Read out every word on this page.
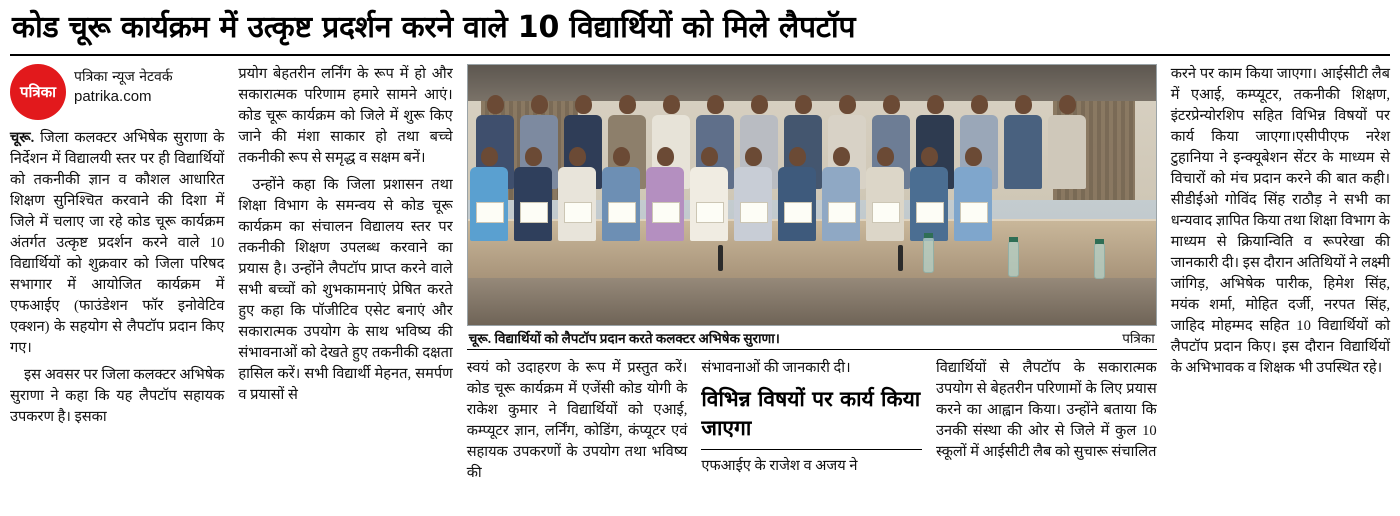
कोड चूरू कार्यक्रम में उत्कृष्ट प्रदर्शन करने वाले 10 विद्यार्थियों को मिले लैपटॉप
पत्रिका
पत्रिका न्यूज नेटवर्क
patrika.com

चूरू. जिला कलक्टर अभिषेक सुराणा के निर्देशन में विद्यालयी स्तर पर ही विद्यार्थियों को तकनीकी ज्ञान व कौशल आधारित शिक्षण सुनिश्चित करवाने की दिशा में जिले में चलाए जा रहे कोड चूरू कार्यक्रम अंतर्गत उत्कृष्ट प्रदर्शन करने वाले 10 विद्यार्थियों को शुक्रवार को जिला परिषद सभागार में आयोजित कार्यक्रम में एफआईए (फाउंडेशन फॉर इनोवेटिव एक्शन) के सहयोग से लैपटॉप प्रदान किए गए।

इस अवसर पर जिला कलक्टर अभिषेक सुराणा ने कहा कि यह लैपटॉप सहायक उपकरण है। इसका

प्रयोग बेहतरीन लर्निंग के रूप में हो और सकारात्मक परिणाम हमारे सामने आएं। कोड चूरू कार्यक्रम को जिले में शुरू किए जाने की मंशा साकार हो तथा बच्चे तकनीकी रूप से समृद्ध व सक्षम बनें।

उन्होंने कहा कि जिला प्रशासन तथा शिक्षा विभाग के समन्वय से कोड चूरू कार्यक्रम का संचालन विद्यालय स्तर पर तकनीकी शिक्षण उपलब्ध करवाने का प्रयास है। उन्होंने लैपटॉप प्राप्त करने वाले सभी बच्चों को शुभकामनाएं प्रेषित करते हुए कहा कि पॉजीटिव एसेट बनाएं और सकारात्मक उपयोग के साथ भविष्य की संभावनाओं को देखते हुए तकनीकी दक्षता हासिल करें। सभी विद्यार्थी मेहनत, समर्पण व प्रयासों से

चूरू. विद्यार्थियों को लैपटॉप प्रदान करते कलक्टर अभिषेक सुराणा।	पत्रिका

स्वयं को उदाहरण के रूप में प्रस्तुत करें। कोड चूरू कार्यक्रम में एजेंसी कोड योगी के राकेश कुमार ने विद्यार्थियों को एआई, कम्प्यूटर ज्ञान, लर्निंग, कोडिंग, कंप्यूटर एवं सहायक उपकरणों के उपयोग तथा भविष्य की

संभावनाओं की जानकारी दी।

विभिन्न विषयों पर कार्य किया जाएगा

एफआईए के राजेश व अजय ने

विद्यार्थियों से लैपटॉप के सकारात्मक उपयोग से बेहतरीन परिणामों के लिए प्रयास करने का आह्वान किया। उन्होंने बताया कि उनकी संस्था की ओर से जिले में कुल 10 स्कूलों में आईसीटी लैब को सुचारू संचालित

करने पर काम किया जाएगा। आईसीटी लैब में एआई, कम्प्यूटर, तकनीकी शिक्षण, इंटरप्रेन्योरशिप सहित विभिन्न विषयों पर कार्य किया जाएगा।एसीपीएफ नरेश टुहानिया ने इन्क्यूबेशन सेंटर के माध्यम से विचारों को मंच प्रदान करने की बात कही।सीडीईओ गोविंद सिंह राठौड़ ने सभी का धन्यवाद ज्ञापित किया तथा शिक्षा विभाग के माध्यम से क्रियान्विति व रूपरेखा की जानकारी दी। इस दौरान अतिथियों ने लक्ष्मी जांगिड़, अभिषेक पारीक, हिमेश सिंह, मयंक शर्मा, मोहित दर्जी, नरपत सिंह, जाहिद मोहम्मद सहित 10 विद्यार्थियों को लैपटॉप प्रदान किए। इस दौरान विद्यार्थियों के अभिभावक व शिक्षक भी उपस्थित रहे।
